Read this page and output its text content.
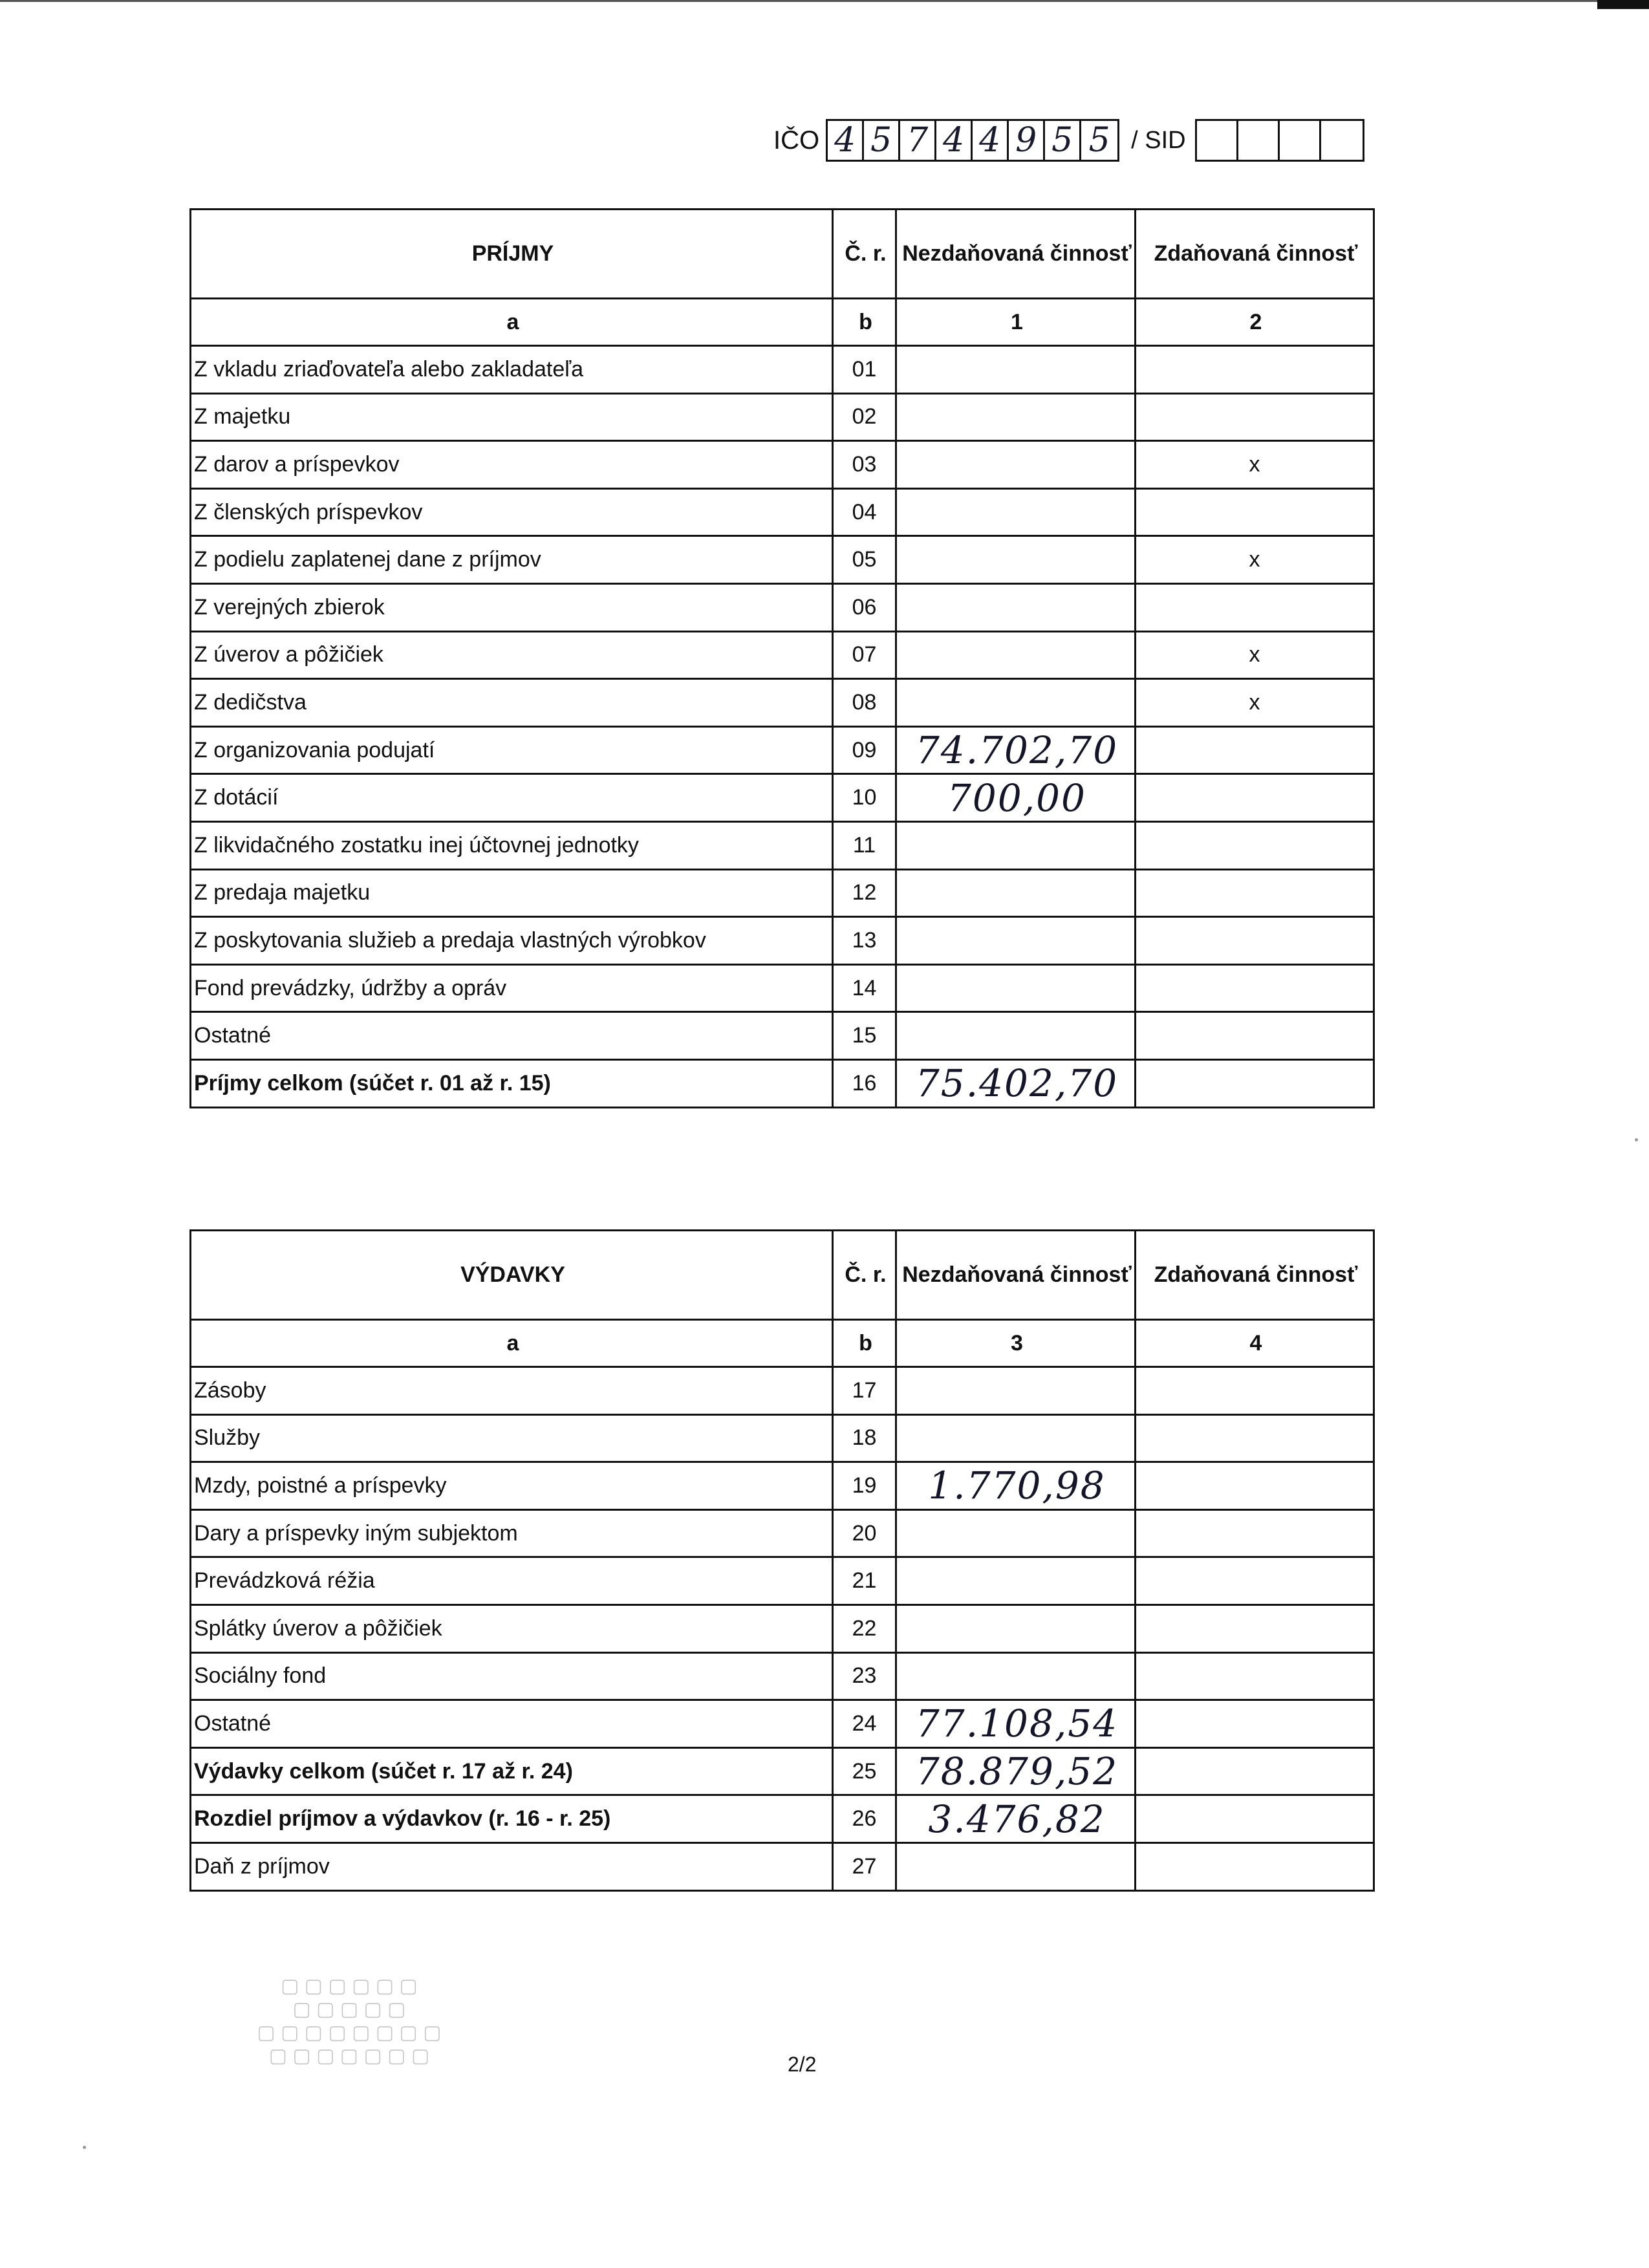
IČO 4 5 7 4 4 9 5 5 / SID
PRÍJMY	Č. r.	Nezdaňovaná činnosť	Zdaňovaná činnosť
a	b	1	2
Z vkladu zriaďovateľa alebo zakladateľa	01		
Z majetku	02		
Z darov a príspevkov	03		x
Z členských príspevkov	04		
Z podielu zaplatenej dane z príjmov	05		x
Z verejných zbierok	06		
Z úverov a pôžičiek	07		x
Z dedičstva	08		x
Z organizovania podujatí	09	74.702,70	
Z dotácií	10	700,00	
Z likvidačného zostatku inej účtovnej jednotky	11		
Z predaja majetku	12		
Z poskytovania služieb a predaja vlastných výrobkov	13		
Fond prevádzky, údržby a opráv	14		
Ostatné	15		
Príjmy celkom (súčet r. 01 až r. 15)	16	75.402,70	
VÝDAVKY	Č. r.	Nezdaňovaná činnosť	Zdaňovaná činnosť
a	b	3	4
Zásoby	17		
Služby	18		
Mzdy, poistné a príspevky	19	1.770,98	
Dary a príspevky iným subjektom	20		
Prevádzková réžia	21		
Splátky úverov a pôžičiek	22		
Sociálny fond	23		
Ostatné	24	77.108,54	
Výdavky celkom (súčet r. 17 až r. 24)	25	78.879,52	
Rozdiel príjmov a výdavkov (r. 16 - r. 25)	26	3.476,82	
Daň z príjmov	27		
▢ ▢ ▢ ▢ ▢ ▢ ▢
▢ ▢ ▢ ▢ ▢ ▢ ▢ ▢
▢ ▢ ▢ ▢ ▢
▢ ▢ ▢ ▢ ▢ ▢
2/2
